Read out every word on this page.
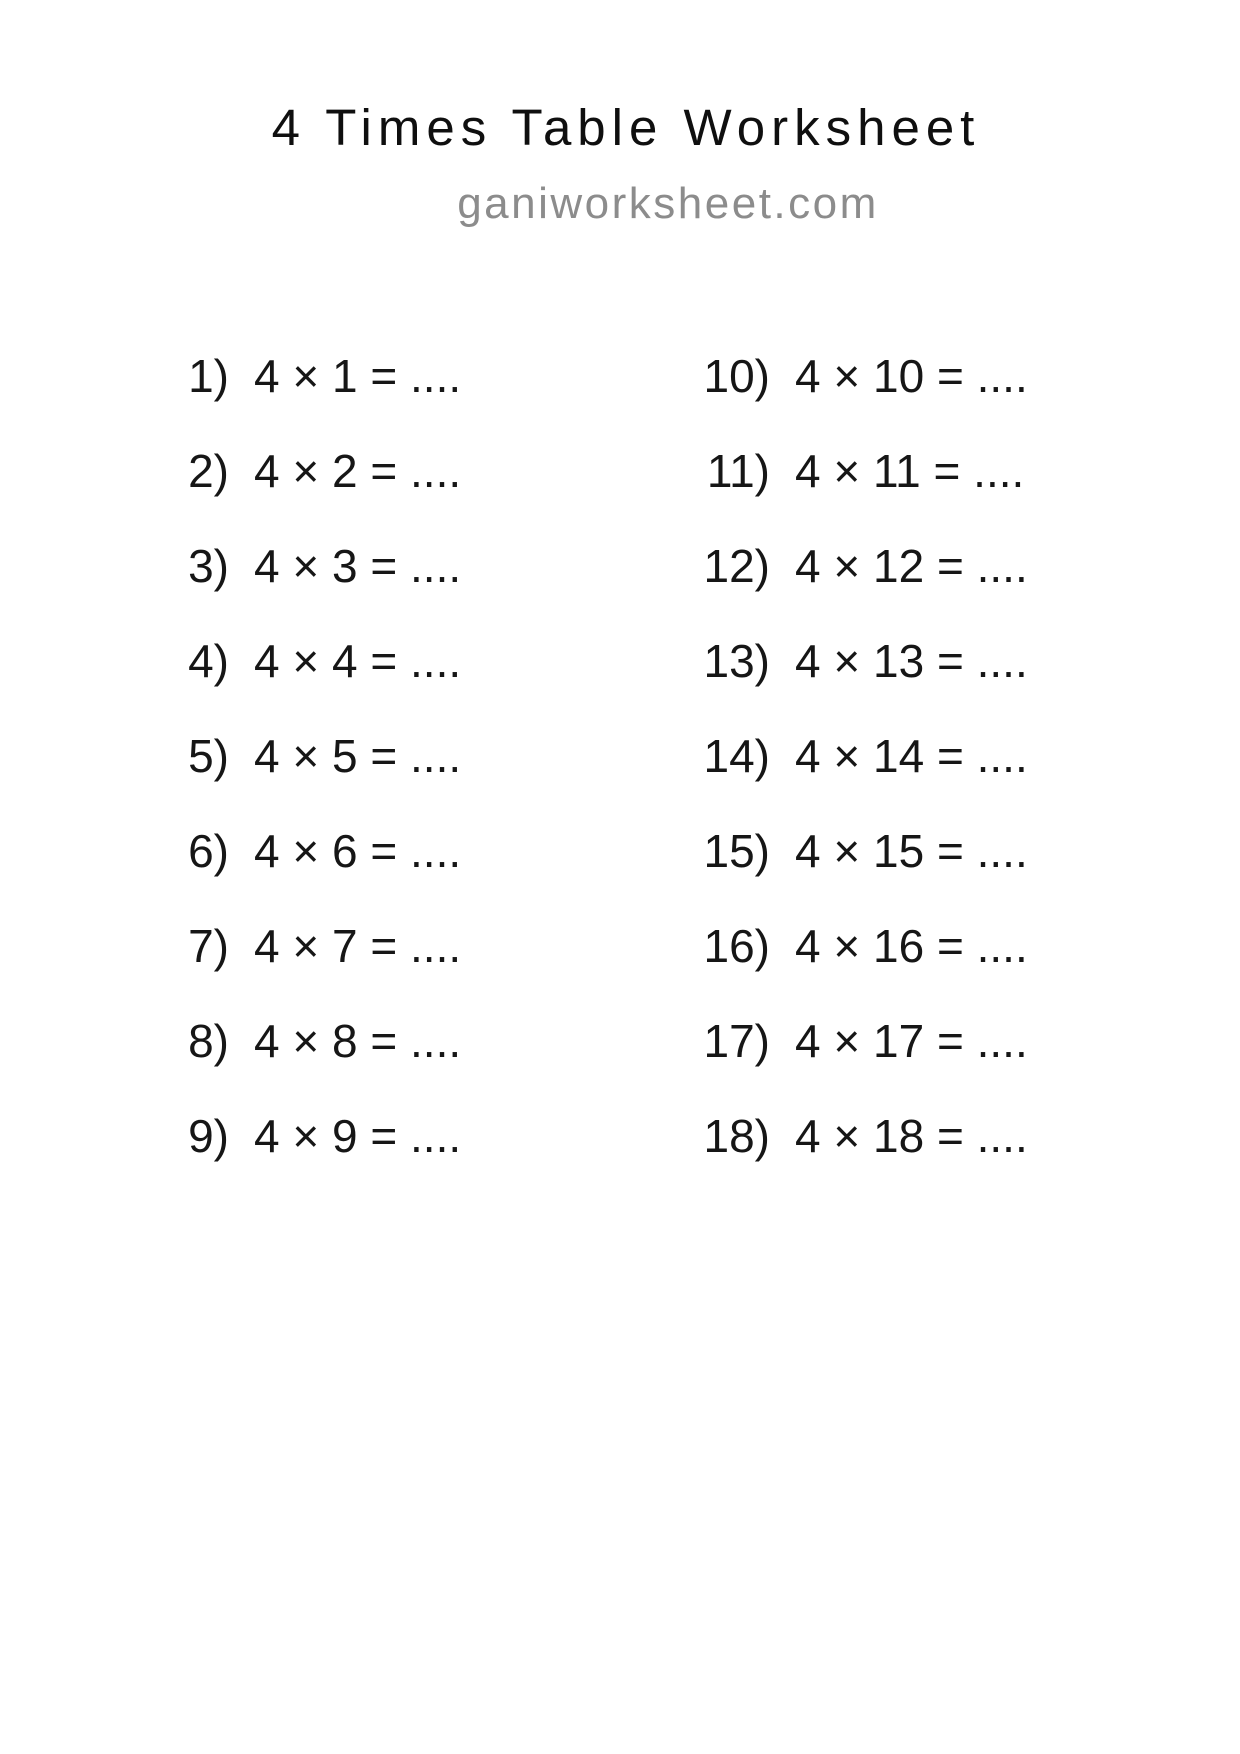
4 Times Table Worksheet
ganiworksheet.com
1) 4 × 1 = ....
2) 4 × 2 = ....
3) 4 × 3 = ....
4) 4 × 4 = ....
5) 4 × 5 = ....
6) 4 × 6 = ....
7) 4 × 7 = ....
8) 4 × 8 = ....
9) 4 × 9 = ....
10) 4 × 10 = ....
11) 4 × 11 = ....
12) 4 × 12 = ....
13) 4 × 13 = ....
14) 4 × 14 = ....
15) 4 × 15 = ....
16) 4 × 16 = ....
17) 4 × 17 = ....
18) 4 × 18 = ....
